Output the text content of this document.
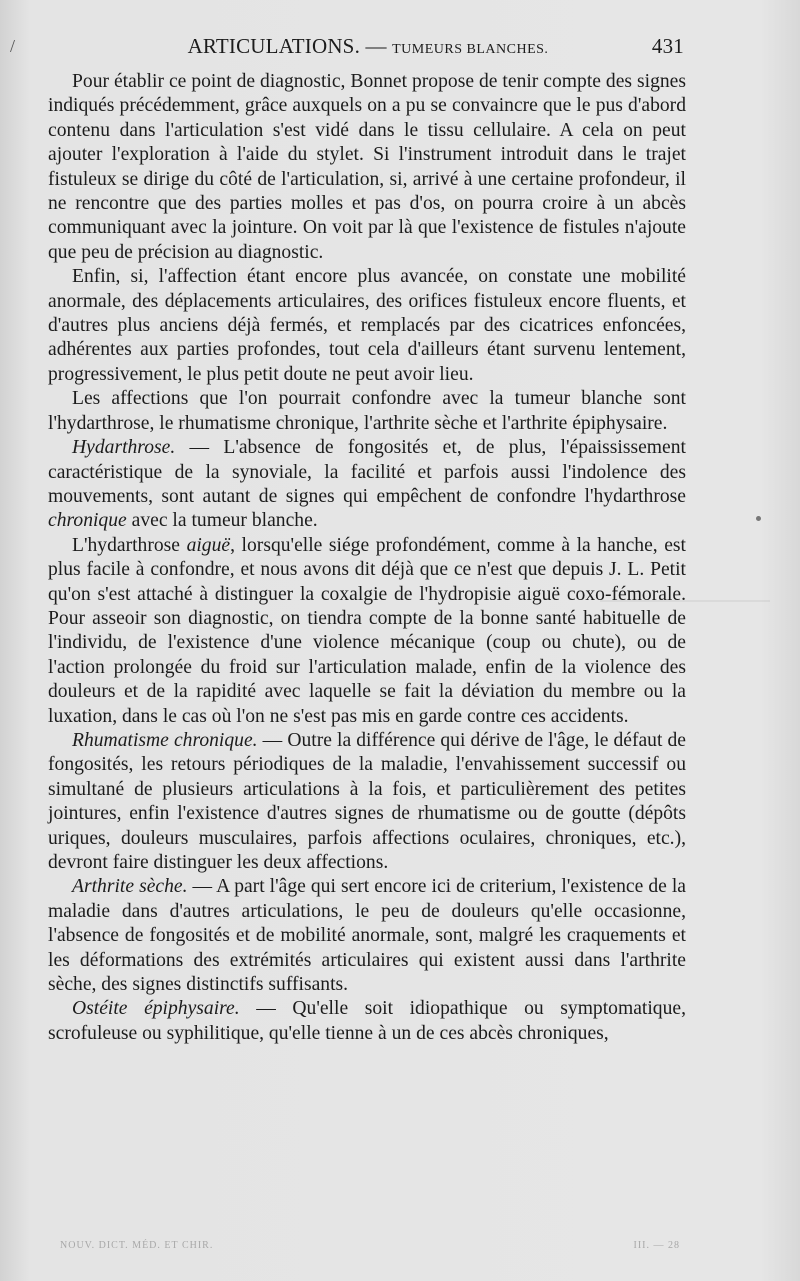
/	ARTICULATIONS. — TUMEURS BLANCHES.	431

Pour établir ce point de diagnostic, Bonnet propose de tenir compte des signes indiqués précédemment, grâce auxquels on a pu se convaincre que le pus d'abord contenu dans l'articulation s'est vidé dans le tissu cellulaire. A cela on peut ajouter l'exploration à l'aide du stylet. Si l'instrument introduit dans le trajet fistuleux se dirige du côté de l'articulation, si, arrivé à une certaine profondeur, il ne rencontre que des parties molles et pas d'os, on pourra croire à un abcès communiquant avec la jointure. On voit par là que l'existence de fistules n'ajoute que peu de précision au diagnostic.

Enfin, si, l'affection étant encore plus avancée, on constate une mobilité anormale, des déplacements articulaires, des orifices fistuleux encore fluents, et d'autres plus anciens déjà fermés, et remplacés par des cicatrices enfoncées, adhérentes aux parties profondes, tout cela d'ailleurs étant survenu lentement, progressivement, le plus petit doute ne peut avoir lieu.

Les affections que l'on pourrait confondre avec la tumeur blanche sont l'hydarthrose, le rhumatisme chronique, l'arthrite sèche et l'arthrite épiphysaire.

Hydarthrose. — L'absence de fongosités et, de plus, l'épaississement caractéristique de la synoviale, la facilité et parfois aussi l'indolence des mouvements, sont autant de signes qui empêchent de confondre l'hydarthrose chronique avec la tumeur blanche.

L'hydarthrose aiguë, lorsqu'elle siége profondément, comme à la hanche, est plus facile à confondre, et nous avons dit déjà que ce n'est que depuis J. L. Petit qu'on s'est attaché à distinguer la coxalgie de l'hydropisie aiguë coxo-fémorale. Pour asseoir son diagnostic, on tiendra compte de la bonne santé habituelle de l'individu, de l'existence d'une violence mécanique (coup ou chute), ou de l'action prolongée du froid sur l'articulation malade, enfin de la violence des douleurs et de la rapidité avec laquelle se fait la déviation du membre ou la luxation, dans le cas où l'on ne s'est pas mis en garde contre ces accidents.

Rhumatisme chronique. — Outre la différence qui dérive de l'âge, le défaut de fongosités, les retours périodiques de la maladie, l'envahissement successif ou simultané de plusieurs articulations à la fois, et particulièrement des petites jointures, enfin l'existence d'autres signes de rhumatisme ou de goutte (dépôts uriques, douleurs musculaires, parfois affections oculaires, chroniques, etc.), devront faire distinguer les deux affections.

Arthrite sèche. — A part l'âge qui sert encore ici de criterium, l'existence de la maladie dans d'autres articulations, le peu de douleurs qu'elle occasionne, l'absence de fongosités et de mobilité anormale, sont, malgré les craquements et les déformations des extrémités articulaires qui existent aussi dans l'arthrite sèche, des signes distinctifs suffisants.

Ostéite épiphysaire. — Qu'elle soit idiopathique ou symptomatique, scrofuleuse ou syphilitique, qu'elle tienne à un de ces abcès chroniques,

NOUV. DICT. MÉD. ET CHIR.	III. — 28
